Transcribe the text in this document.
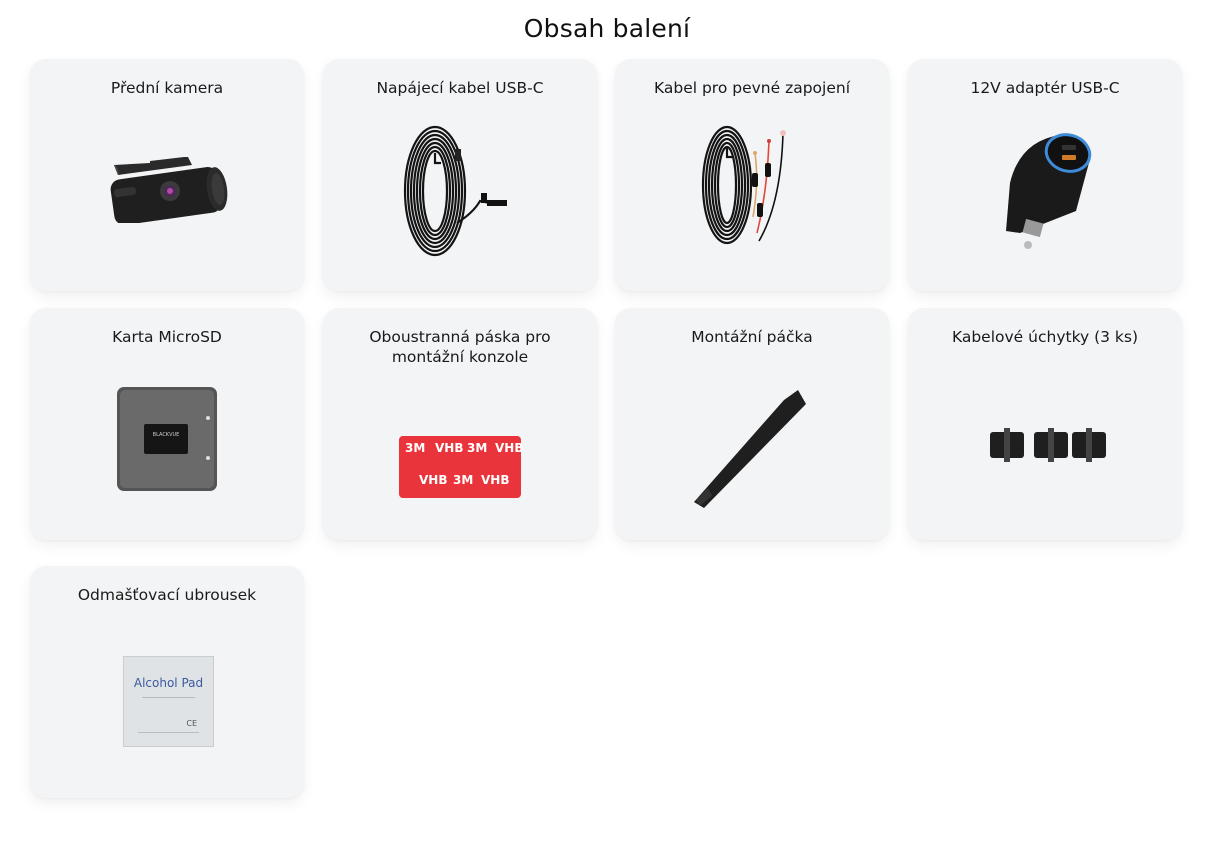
Obsah balení
Přední kamera	Napájecí kabel USB-C	Kabel pro pevné zapojení	12V adaptér USB-C
Karta MicroSD
BLACKVUE
Oboustranná páska pro montážní konzole
3M VHB 3M VHB
VHB 3M VHB
Montážní páčka	Kabelové úchytky (3 ks)
Odmašťovací ubrousek
Alcohol Pad
CE
